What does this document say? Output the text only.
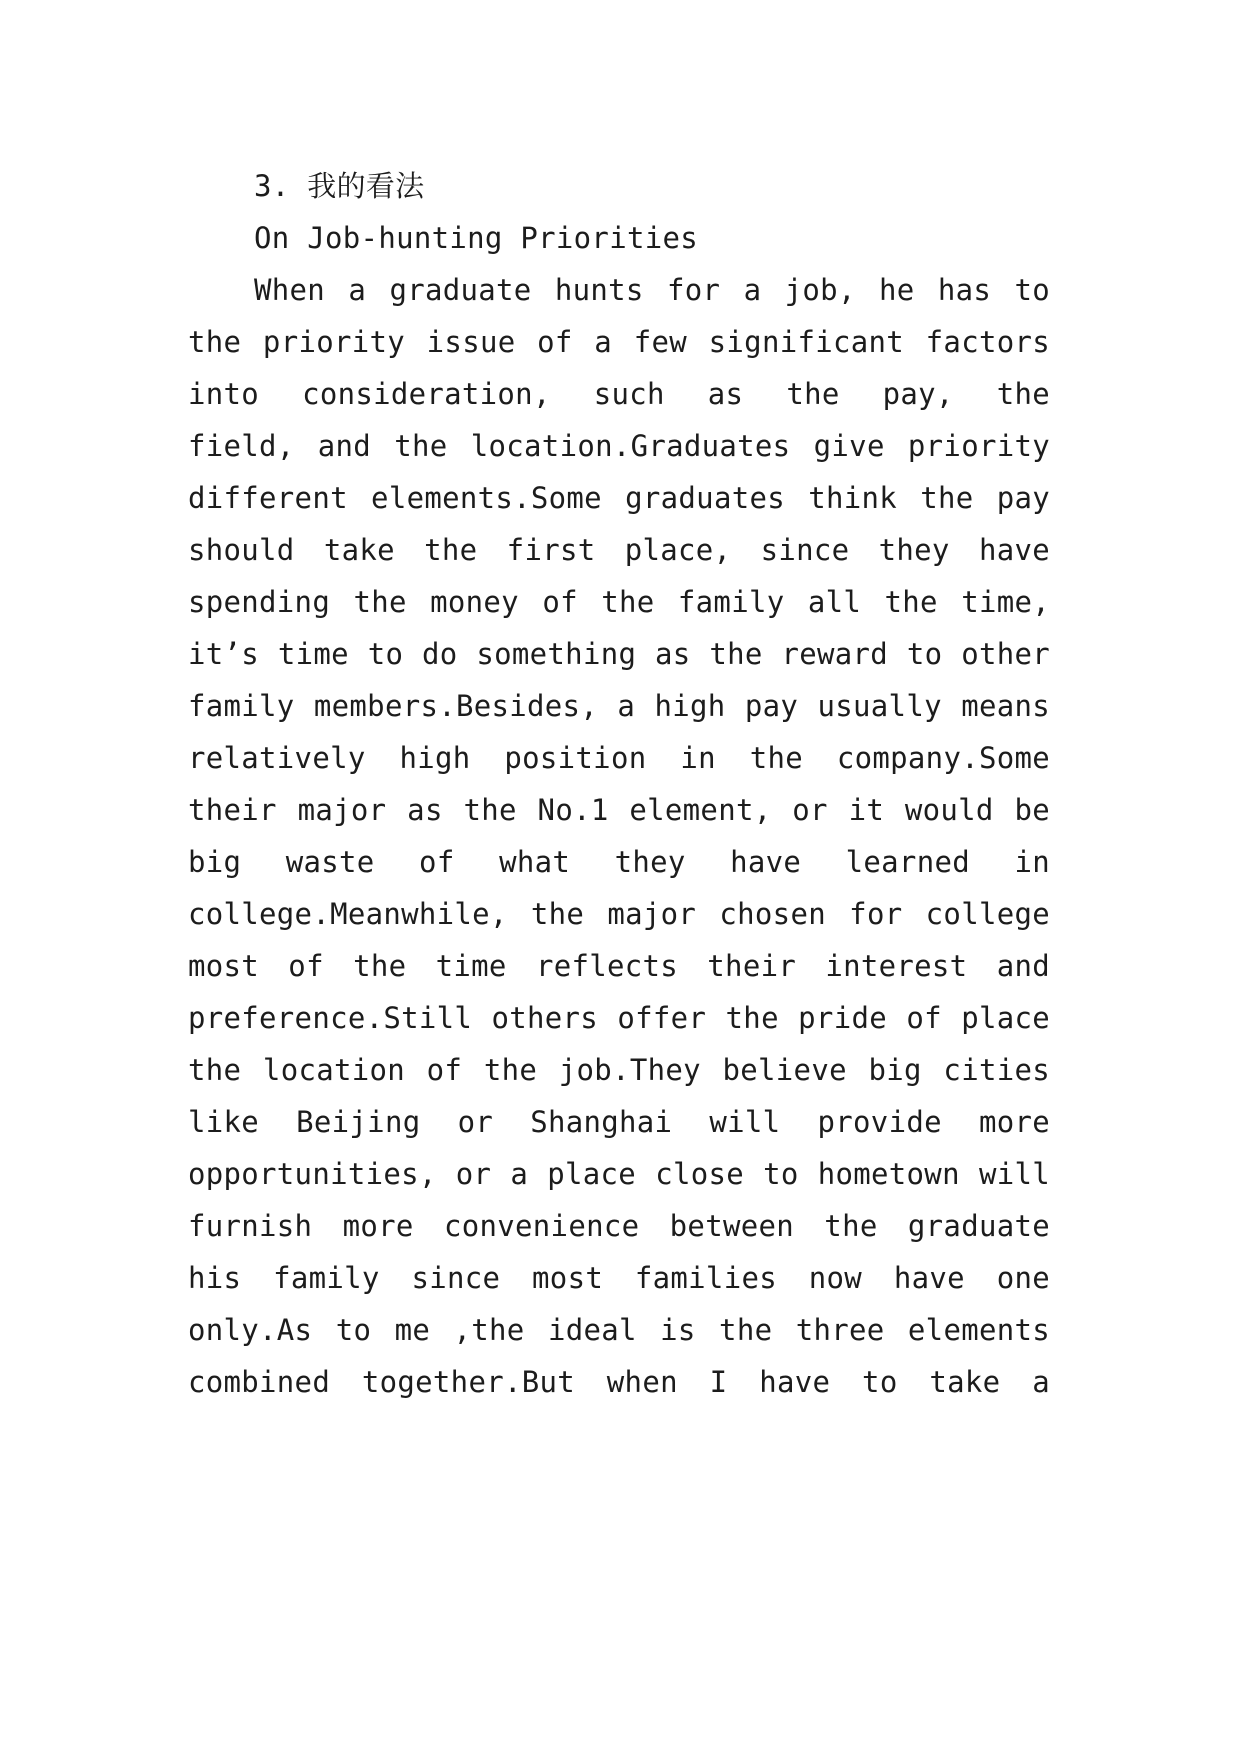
3. 我的看法
On Job-hunting Priorities
When a graduate hunts for a job, he has to
the priority issue of a few significant factors
into consideration, such as the pay, the
field, and the location.Graduates give priority
different elements.Some graduates think the pay
should take the first place, since they have
spending the money of the family all the time,
it’s time to do something as the reward to other
family members.Besides, a high pay usually means
relatively high position in the company.Some
their major as the No.1 element, or it would be
big waste of what they have learned in
college.Meanwhile, the major chosen for college
most of the time reflects their interest and
preference.Still others offer the pride of place
the location of the job.They believe big cities
like Beijing or Shanghai will provide more
opportunities, or a place close to hometown will
furnish more convenience between the graduate
his family since most families now have one
only.As to me ,the ideal is the three elements
combined together.But when I have to take a
